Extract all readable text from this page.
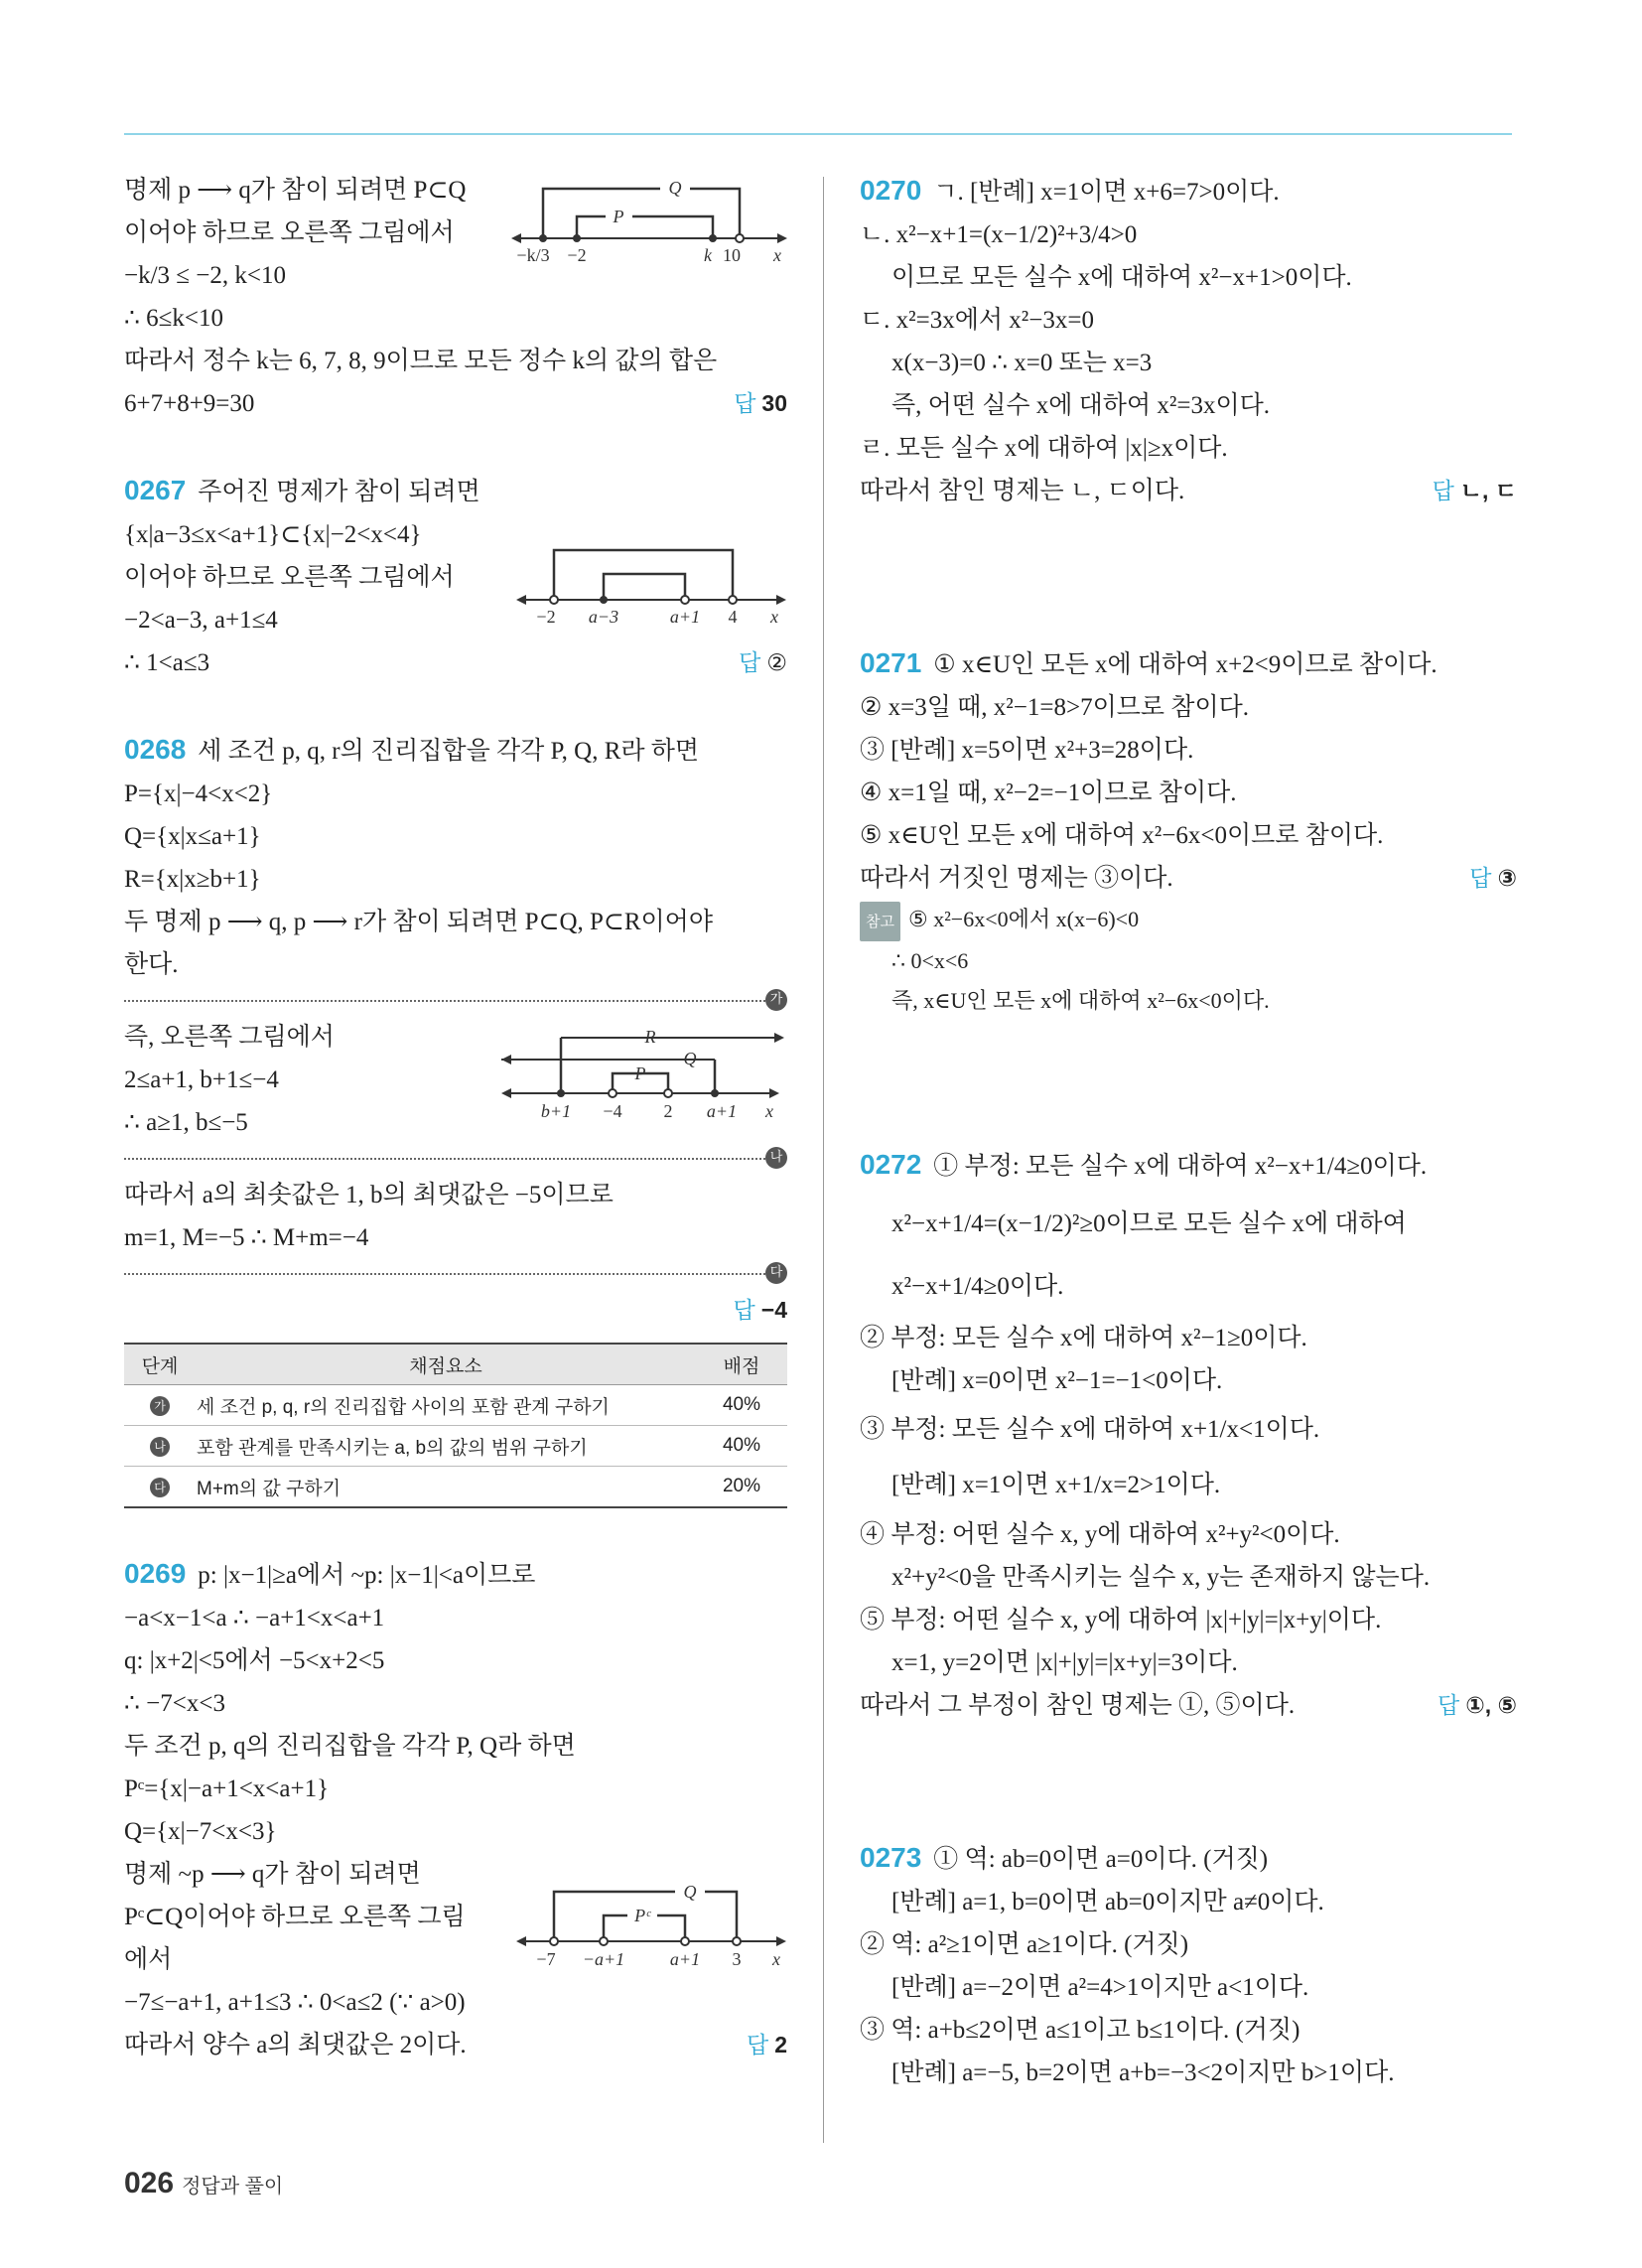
명제 p ⟶ q가 참이 되려면 P⊂Q
이어야 하므로 오른쪽 그림에서
−k/3 ≤ −2, k<10
∴ 6≤k<10
따라서 정수 k는 6, 7, 8, 9이므로 모든 정수 k의 값의 합은
6+7+8+9=30	답 30
Q
P
−k/3 −2	k 10 x
0267 주어진 명제가 참이 되려면
{x|a−3≤x<a+1}⊂{x|−2<x<4}
이어야 하므로 오른쪽 그림에서
−2<a−3, a+1≤4
∴ 1<a≤3	답 ②
−2 a−3	a+1 4 x
0268 세 조건 p, q, r의 진리집합을 각각 P, Q, R라 하면
P={x|−4<x<2}
Q={x|x≤a+1}
R={x|x≥b+1}
두 명제 p ⟶ q, p ⟶ r가 참이 되려면 P⊂Q, P⊂R이어야
한다.
가
즉, 오른쪽 그림에서
2≤a+1, b+1≤−4
∴ a≥1, b≤−5
R
Q
P
b+1 −4 2 a+1 x
나
따라서 a의 최솟값은 1, b의 최댓값은 −5이므로
m=1, M=−5 ∴ M+m=−4
다
답 −4
단계	채점요소	배점
가	세 조건 p, q, r의 진리집합 사이의 포함 관계 구하기	40%
나	포함 관계를 만족시키는 a, b의 값의 범위 구하기	40%
다	M+m의 값 구하기	20%
0269 p: |x−1|≥a에서 ~p: |x−1|<a이므로
−a<x−1<a ∴ −a+1<x<a+1
q: |x+2|<5에서 −5<x+2<5
∴ −7<x<3
두 조건 p, q의 진리집합을 각각 P, Q라 하면
Pᶜ={x|−a+1<x<a+1}
Q={x|−7<x<3}
명제 ~p ⟶ q가 참이 되려면
Pᶜ⊂Q이어야 하므로 오른쪽 그림
에서
−7≤−a+1, a+1≤3 ∴ 0<a≤2 (∵ a>0)
따라서 양수 a의 최댓값은 2이다.	답 2
Q
Pᶜ
−7 −a+1	a+1 3 x
0270 ㄱ. [반례] x=1이면 x+6=7>0이다.
ㄴ. x²−x+1=(x−1/2)²+3/4>0
이므로 모든 실수 x에 대하여 x²−x+1>0이다.
ㄷ. x²=3x에서 x²−3x=0
x(x−3)=0 ∴ x=0 또는 x=3
즉, 어떤 실수 x에 대하여 x²=3x이다.
ㄹ. 모든 실수 x에 대하여 |x|≥x이다.
따라서 참인 명제는 ㄴ, ㄷ이다.	답 ㄴ, ㄷ
0271 ① x∈U인 모든 x에 대하여 x+2<9이므로 참이다.
② x=3일 때, x²−1=8>7이므로 참이다.
③ [반례] x=5이면 x²+3=28이다.
④ x=1일 때, x²−2=−1이므로 참이다.
⑤ x∈U인 모든 x에 대하여 x²−6x<0이므로 참이다.
따라서 거짓인 명제는 ③이다.	답 ③
참고 ⑤ x²−6x<0에서 x(x−6)<0
∴ 0<x<6
즉, x∈U인 모든 x에 대하여 x²−6x<0이다.
0272 ① 부정: 모든 실수 x에 대하여 x²−x+1/4≥0이다.
x²−x+1/4=(x−1/2)²≥0이므로 모든 실수 x에 대하여
x²−x+1/4≥0이다.
② 부정: 모든 실수 x에 대하여 x²−1≥0이다.
[반례] x=0이면 x²−1=−1<0이다.
③ 부정: 모든 실수 x에 대하여 x+1/x<1이다.
[반례] x=1이면 x+1/x=2>1이다.
④ 부정: 어떤 실수 x, y에 대하여 x²+y²<0이다.
x²+y²<0을 만족시키는 실수 x, y는 존재하지 않는다.
⑤ 부정: 어떤 실수 x, y에 대하여 |x|+|y|=|x+y|이다.
x=1, y=2이면 |x|+|y|=|x+y|=3이다.
따라서 그 부정이 참인 명제는 ①, ⑤이다.	답 ①, ⑤
0273 ① 역: ab=0이면 a=0이다. (거짓)
[반례] a=1, b=0이면 ab=0이지만 a≠0이다.
② 역: a²≥1이면 a≥1이다. (거짓)
[반례] a=−2이면 a²=4>1이지만 a<1이다.
③ 역: a+b≤2이면 a≤1이고 b≤1이다. (거짓)
[반례] a=−5, b=2이면 a+b=−3<2이지만 b>1이다.
026 정답과 풀이
